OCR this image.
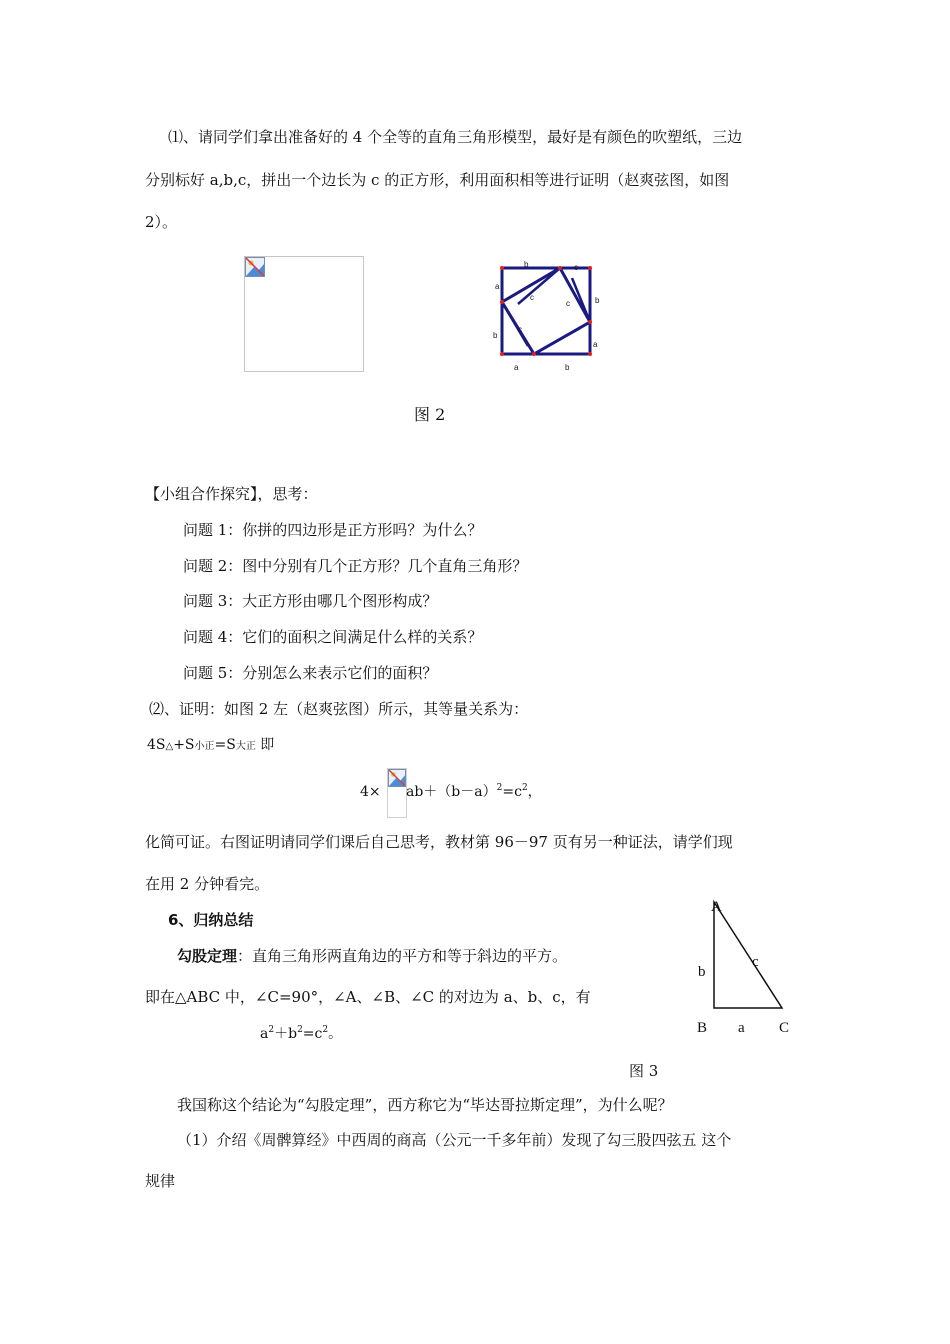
⑴、请同学们拿出准备好的 4 个全等的直角三角形模型，最好是有颜色的吹塑纸，三边
分别标好 a,b,c，拼出一个边长为 c 的正方形，利用面积相等进行证明（赵爽弦图，如图
2）。
b
a
b
b
a
a	b
c
c
c
c
图 2
【小组合作探究】，思考：
问题 1：你拼的四边形是正方形吗？为什么？
问题 2：图中分别有几个正方形？几个直角三角形？
问题 3：大正方形由哪几个图形构成？
问题 4：它们的面积之间满足什么样的关系？
问题 5：分别怎么来表示它们的面积？
⑵、证明：如图 2 左（赵爽弦图）所示，其等量关系为：
4S△+S小正=S大正 即
$4\times ab+(b-a)^2=c^2$，
化简可证。右图证明请同学们课后自己思考，教材第 96－97 页有另一种证法，请学们现
在用 2 分钟看完。
6、归纳总结
勾股定理：直角三角形两直角边的平方和等于斜边的平方。
即在△ABC 中，∠C=90°，∠A、∠B、∠C 的对边为 a、b、c，有
$a^2+b^2=c^2$。
A
B	C
a
b
c
图 3
我国称这个结论为“勾股定理”，西方称它为“毕达哥拉斯定理”，为什么呢？
（1）介绍《周髀算经》中西周的商高（公元一千多年前）发现了勾三股四弦五 这个
规律
